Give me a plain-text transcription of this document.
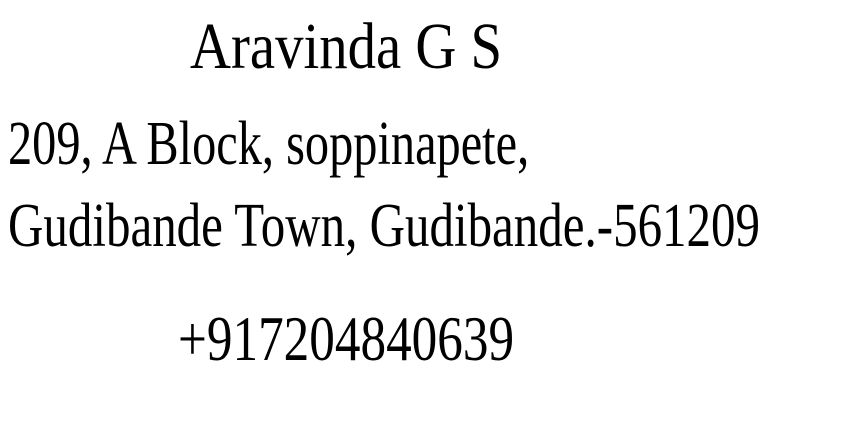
Aravinda G S
209, A Block, soppinapete,
Gudibande Town, Gudibande.-561209
+917204840639
